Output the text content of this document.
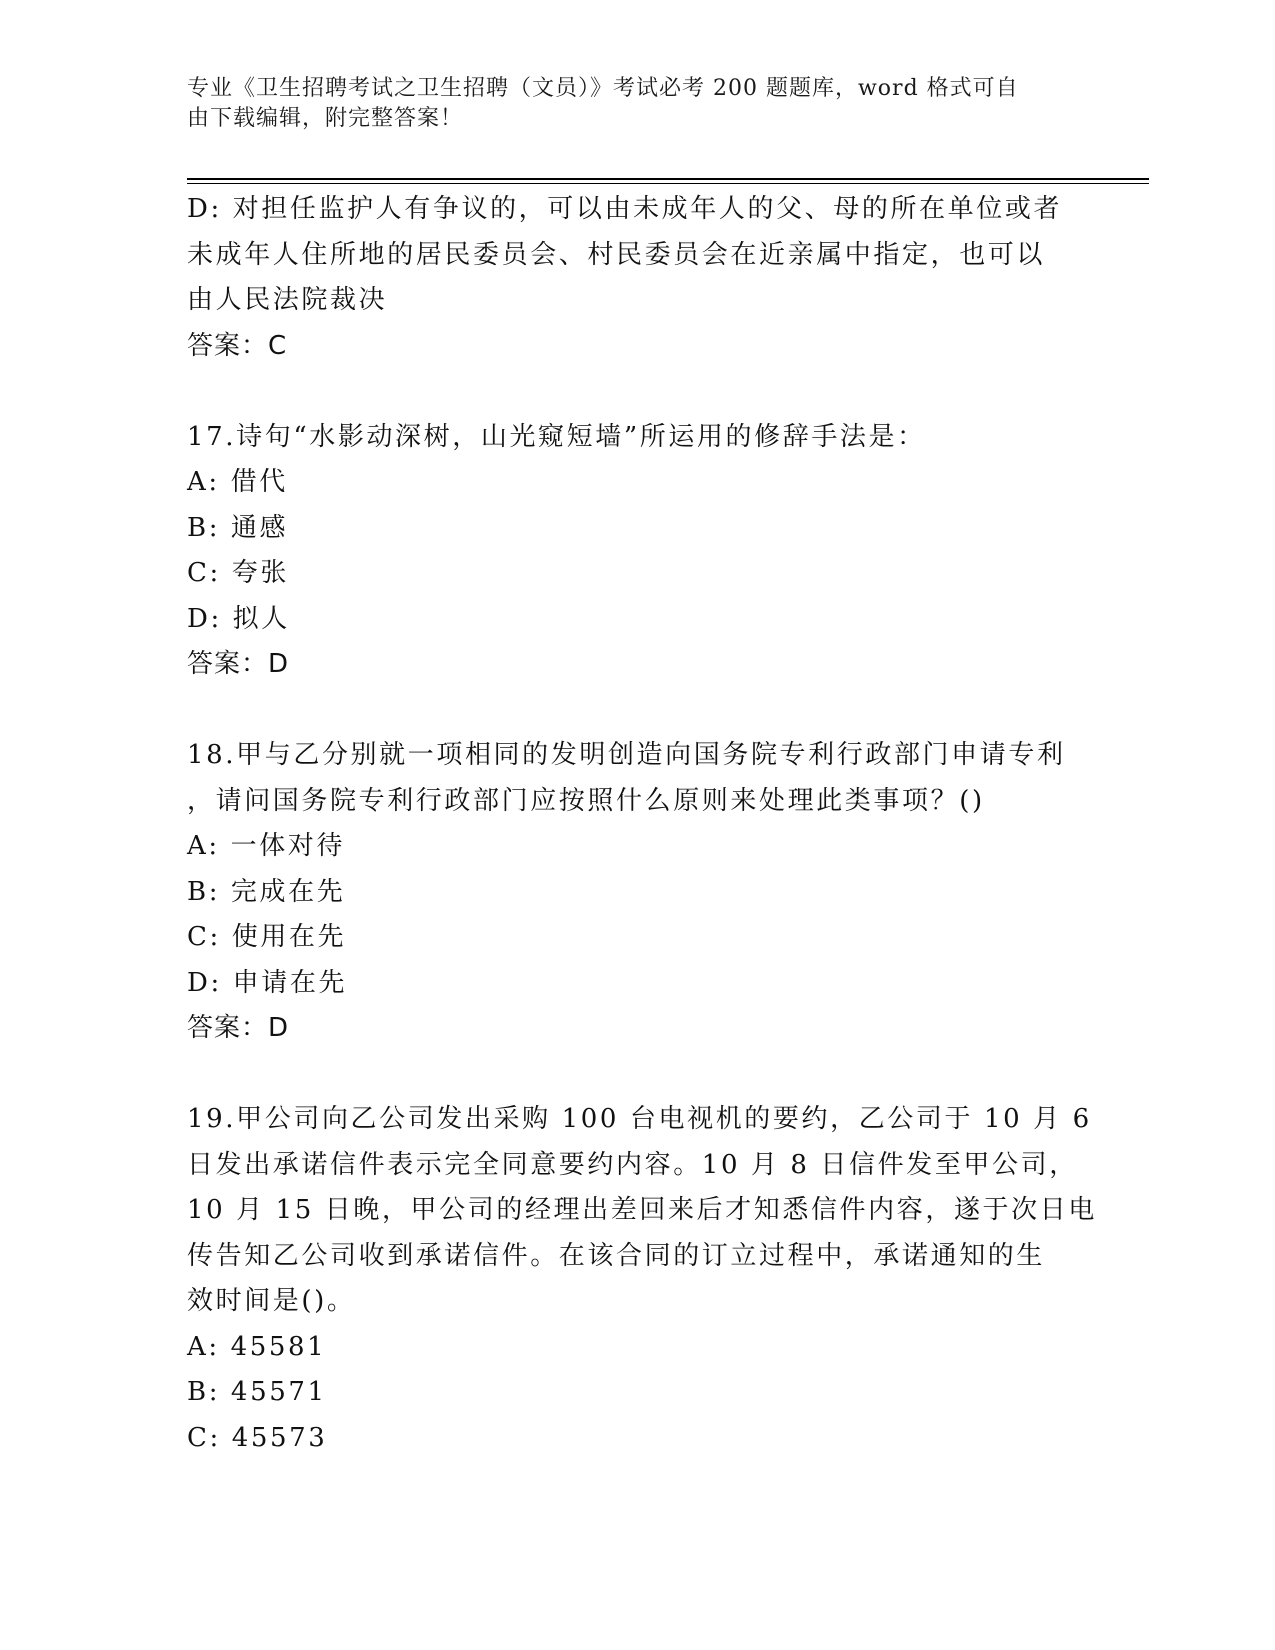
专业《卫生招聘考试之卫生招聘（文员）》考试必考 200 题题库，word 格式可自
由下载编辑，附完整答案！
D: 对担任监护人有争议的，可以由未成年人的父、母的所在单位或者
未成年人住所地的居民委员会、村民委员会在近亲属中指定，也可以
由人民法院裁决
答案：C
17.诗句“水影动深树，山光窥短墙”所运用的修辞手法是：
A: 借代
B: 通感
C: 夸张
D: 拟人
答案：D
18.甲与乙分别就一项相同的发明创造向国务院专利行政部门申请专利
，请问国务院专利行政部门应按照什么原则来处理此类事项？()
A: 一体对待
B: 完成在先
C: 使用在先
D: 申请在先
答案：D
19.甲公司向乙公司发出采购 100 台电视机的要约，乙公司于 10 月 6
日发出承诺信件表示完全同意要约内容。10 月 8 日信件发至甲公司，
10 月 15 日晚，甲公司的经理出差回来后才知悉信件内容，遂于次日电
传告知乙公司收到承诺信件。在该合同的订立过程中，承诺通知的生
效时间是()。
A: 45581
B: 45571
C: 45573
